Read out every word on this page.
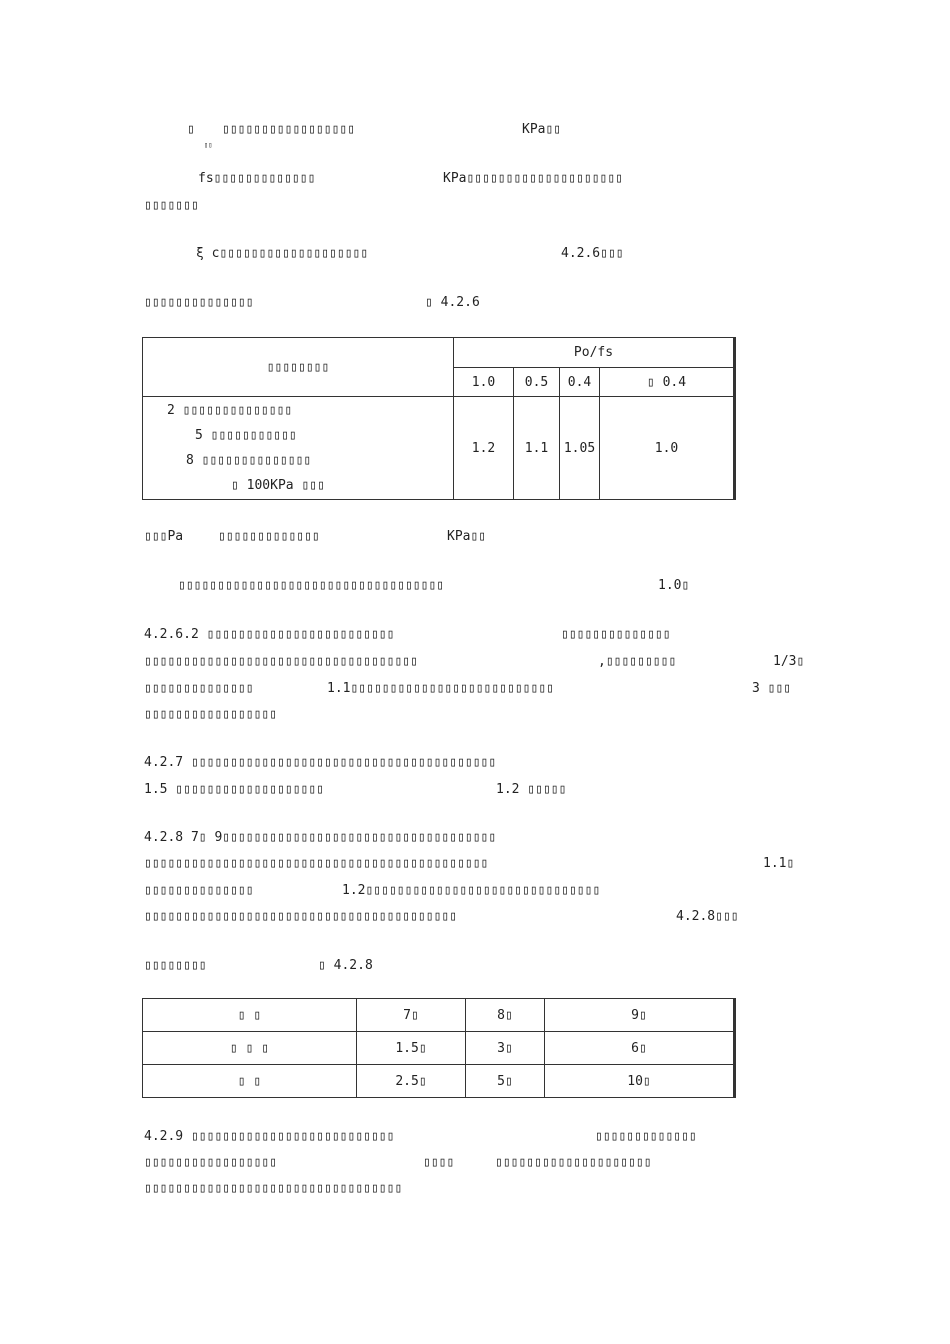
▯
▯▯
▯▯▯▯▯▯▯▯▯▯▯▯▯▯▯▯▯	KPa▯▯
fs▯▯▯▯▯▯▯▯▯▯▯▯▯	KPa▯▯▯▯▯▯▯▯▯▯▯▯▯▯▯▯▯▯▯▯
▯▯▯▯▯▯▯
ξ c▯▯▯▯▯▯▯▯▯▯▯▯▯▯▯▯▯▯▯	4.2.6▯▯▯
▯▯▯▯▯▯▯▯▯▯▯▯▯▯	▯ 4.2.6
▯▯▯▯▯▯▯▯	Po/fs			
	1.0	0.5	0.4	▯ 0.4

2 ▯▯▯▯▯▯▯▯▯▯▯▯▯▯
5 ▯▯▯▯▯▯▯▯▯▯▯
8 ▯▯▯▯▯▯▯▯▯▯▯▯▯▯
▯ 100KPa ▯▯▯	1.2	1.1	1.05	1.0
▯▯▯Pa	▯▯▯▯▯▯▯▯▯▯▯▯▯	KPa▯▯
▯▯▯▯▯▯▯▯▯▯▯▯▯▯▯▯▯▯▯▯▯▯▯▯▯▯▯▯▯▯▯▯▯▯	1.0▯
4.2.6.2 ▯▯▯▯▯▯▯▯▯▯▯▯▯▯▯▯▯▯▯▯▯▯▯▯	▯▯▯▯▯▯▯▯▯▯▯▯▯▯
▯▯▯▯▯▯▯▯▯▯▯▯▯▯▯▯▯▯▯▯▯▯▯▯▯▯▯▯▯▯▯▯▯▯▯	,▯▯▯▯▯▯▯▯▯	1/3▯
▯▯▯▯▯▯▯▯▯▯▯▯▯▯	1.1▯▯▯▯▯▯▯▯▯▯▯▯▯▯▯▯▯▯▯▯▯▯▯▯▯▯	3 ▯▯▯
▯▯▯▯▯▯▯▯▯▯▯▯▯▯▯▯▯
4.2.7 ▯▯▯▯▯▯▯▯▯▯▯▯▯▯▯▯▯▯▯▯▯▯▯▯▯▯▯▯▯▯▯▯▯▯▯▯▯▯▯
1.5 ▯▯▯▯▯▯▯▯▯▯▯▯▯▯▯▯▯▯▯	1.2 ▯▯▯▯▯
4.2.8 7▯ 9▯▯▯▯▯▯▯▯▯▯▯▯▯▯▯▯▯▯▯▯▯▯▯▯▯▯▯▯▯▯▯▯▯▯▯
▯▯▯▯▯▯▯▯▯▯▯▯▯▯▯▯▯▯▯▯▯▯▯▯▯▯▯▯▯▯▯▯▯▯▯▯▯▯▯▯▯▯▯▯	1.1▯
▯▯▯▯▯▯▯▯▯▯▯▯▯▯	1.2▯▯▯▯▯▯▯▯▯▯▯▯▯▯▯▯▯▯▯▯▯▯▯▯▯▯▯▯▯▯
▯▯▯▯▯▯▯▯▯▯▯▯▯▯▯▯▯▯▯▯▯▯▯▯▯▯▯▯▯▯▯▯▯▯▯▯▯▯▯▯	4.2.8▯▯▯
▯▯▯▯▯▯▯▯	▯ 4.2.8
▯ ▯	7▯	8▯	9▯
▯ ▯ ▯	1.5▯	3▯	6▯
▯ ▯	2.5▯	5▯	10▯
4.2.9 ▯▯▯▯▯▯▯▯▯▯▯▯▯▯▯▯▯▯▯▯▯▯▯▯▯▯	▯▯▯▯▯▯▯▯▯▯▯▯▯
▯▯▯▯▯▯▯▯▯▯▯▯▯▯▯▯▯	▯▯▯▯	▯▯▯▯▯▯▯▯▯▯▯▯▯▯▯▯▯▯▯▯
▯▯▯▯▯▯▯▯▯▯▯▯▯▯▯▯▯▯▯▯▯▯▯▯▯▯▯▯▯▯▯▯▯
